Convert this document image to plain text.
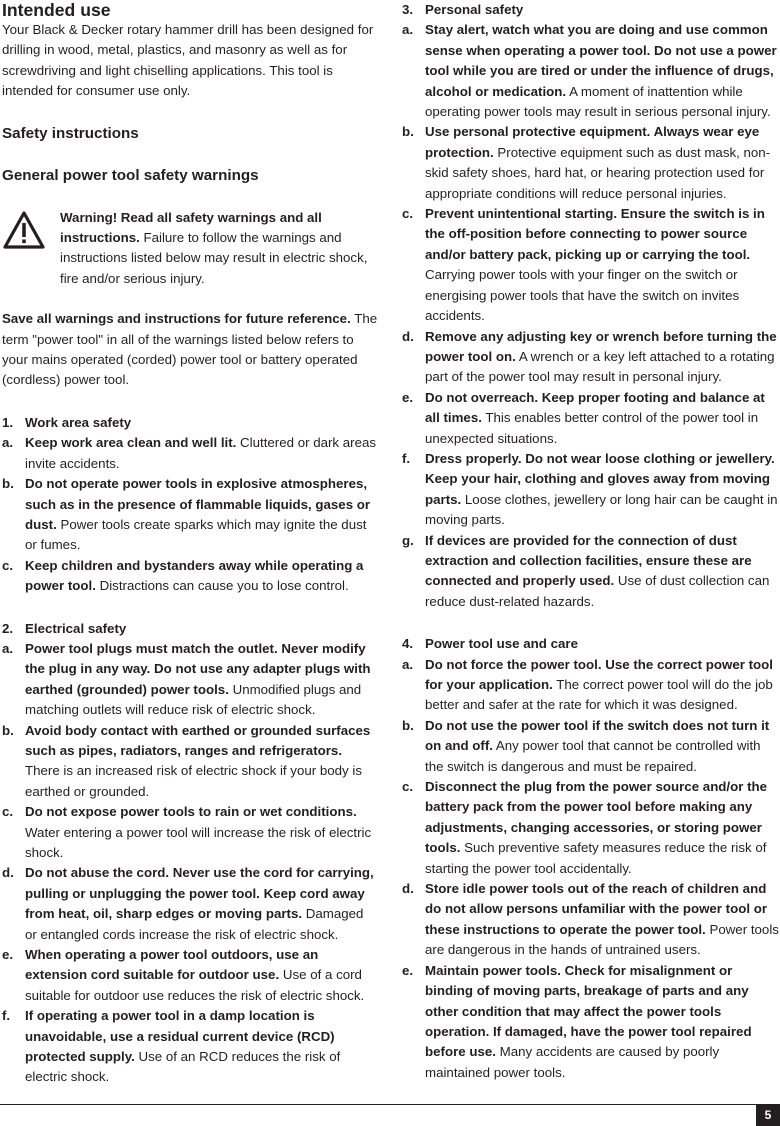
Intended use

Your Black & Decker rotary hammer drill has been designed for drilling in wood, metal, plastics, and masonry as well as for screwdriving and light chiselling applications. This tool is intended for consumer use only.

Safety instructions
General power tool safety warnings

Warning! Read all safety warnings and all instructions. Failure to follow the warnings and instructions listed below may result in electric shock, fire and/or serious injury.

Save all warnings and instructions for future reference. The term "power tool" in all of the warnings listed below refers to your mains operated (corded) power tool or battery operated (cordless) power tool.

1. Work area safety
a. Keep work area clean and well lit. Cluttered or dark areas invite accidents.

b. Do not operate power tools in explosive atmospheres, such as in the presence of flammable liquids, gases or dust. Power tools create sparks which may ignite the dust or fumes.

c. Keep children and bystanders away while operating a power tool. Distractions can cause you to lose control.

2. Electrical safety
a. Power tool plugs must match the outlet. Never modify the plug in any way. Do not use any adapter plugs with earthed (grounded) power tools. Unmodified plugs and matching outlets will reduce risk of electric shock.

b. Avoid body contact with earthed or grounded surfaces such as pipes, radiators, ranges and refrigerators. There is an increased risk of electric shock if your body is earthed or grounded.

c. Do not expose power tools to rain or wet conditions. Water entering a power tool will increase the risk of electric shock.

d. Do not abuse the cord. Never use the cord for carrying, pulling or unplugging the power tool. Keep cord away from heat, oil, sharp edges or moving parts. Damaged or entangled cords increase the risk of electric shock.

e. When operating a power tool outdoors, use an extension cord suitable for outdoor use. Use of a cord suitable for outdoor use reduces the risk of electric shock.

f. If operating a power tool in a damp location is unavoidable, use a residual current device (RCD) protected supply. Use of an RCD reduces the risk of electric shock.

3. Personal safety
a. Stay alert, watch what you are doing and use common sense when operating a power tool. Do not use a power tool while you are tired or under the influence of drugs, alcohol or medication. A moment of inattention while operating power tools may result in serious personal injury.

b. Use personal protective equipment. Always wear eye protection. Protective equipment such as dust mask, non-skid safety shoes, hard hat, or hearing protection used for appropriate conditions will reduce personal injuries.

c. Prevent unintentional starting. Ensure the switch is in the off-position before connecting to power source and/or battery pack, picking up or carrying the tool. Carrying power tools with your finger on the switch or energising power tools that have the switch on invites accidents.

d. Remove any adjusting key or wrench before turning the power tool on. A wrench or a key left attached to a rotating part of the power tool may result in personal injury.

e. Do not overreach. Keep proper footing and balance at all times. This enables better control of the power tool in unexpected situations.

f. Dress properly. Do not wear loose clothing or jewellery. Keep your hair, clothing and gloves away from moving parts. Loose clothes, jewellery or long hair can be caught in moving parts.

g. If devices are provided for the connection of dust extraction and collection facilities, ensure these are connected and properly used. Use of dust collection can reduce dust-related hazards.

4. Power tool use and care
a. Do not force the power tool. Use the correct power tool for your application. The correct power tool will do the job better and safer at the rate for which it was designed.

b. Do not use the power tool if the switch does not turn it on and off. Any power tool that cannot be controlled with the switch is dangerous and must be repaired.

c. Disconnect the plug from the power source and/or the battery pack from the power tool before making any adjustments, changing accessories, or storing power tools. Such preventive safety measures reduce the risk of starting the power tool accidentally.

d. Store idle power tools out of the reach of children and do not allow persons unfamiliar with the power tool or these instructions to operate the power tool. Power tools are dangerous in the hands of untrained users.

e. Maintain power tools. Check for misalignment or binding of moving parts, breakage of parts and any other condition that may affect the power tools operation. If damaged, have the power tool repaired before use. Many accidents are caused by poorly maintained power tools.

5
